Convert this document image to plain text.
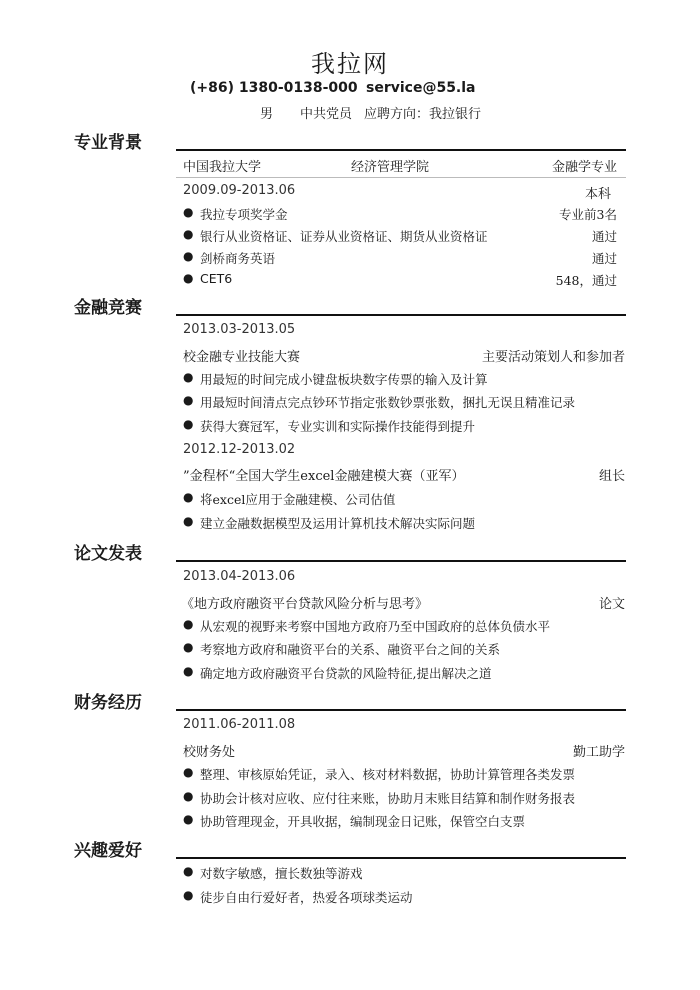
我拉网
(+86) 1380-0138-000 service@55.la
男 中共党员 应聘方向：我拉银行
专业背景
中国我拉大学	经济管理学院	金融学专业
2009.09-2013.06	本科
● 我拉专项奖学金	专业前3名
● 银行从业资格证、证券从业资格证、期货从业资格证	通过
● 剑桥商务英语	通过
● CET6	548，通过
金融竞赛
2013.03-2013.05
校金融专业技能大赛	主要活动策划人和参加者
● 用最短的时间完成小键盘板块数字传票的输入及计算
● 用最短时间清点完点钞环节指定张数钞票张数，捆扎无误且精准记录
● 获得大赛冠军，专业实训和实际操作技能得到提升
2012.12-2013.02
”金程杯“全国大学生excel金融建模大赛（亚军）	组长
● 将excel应用于金融建模、公司估值
● 建立金融数据模型及运用计算机技术解决实际问题
论文发表
2013.04-2013.06
《地方政府融资平台贷款风险分析与思考》	论文
● 从宏观的视野来考察中国地方政府乃至中国政府的总体负债水平
● 考察地方政府和融资平台的关系、融资平台之间的关系
● 确定地方政府融资平台贷款的风险特征,提出解决之道
财务经历
2011.06-2011.08
校财务处	勤工助学
● 整理、审核原始凭证，录入、核对材料数据，协助计算管理各类发票
● 协助会计核对应收、应付往来账，协助月末账目结算和制作财务报表
● 协助管理现金，开具收据，编制现金日记账，保管空白支票
兴趣爱好
● 对数字敏感，擅长数独等游戏
● 徒步自由行爱好者，热爱各项球类运动
